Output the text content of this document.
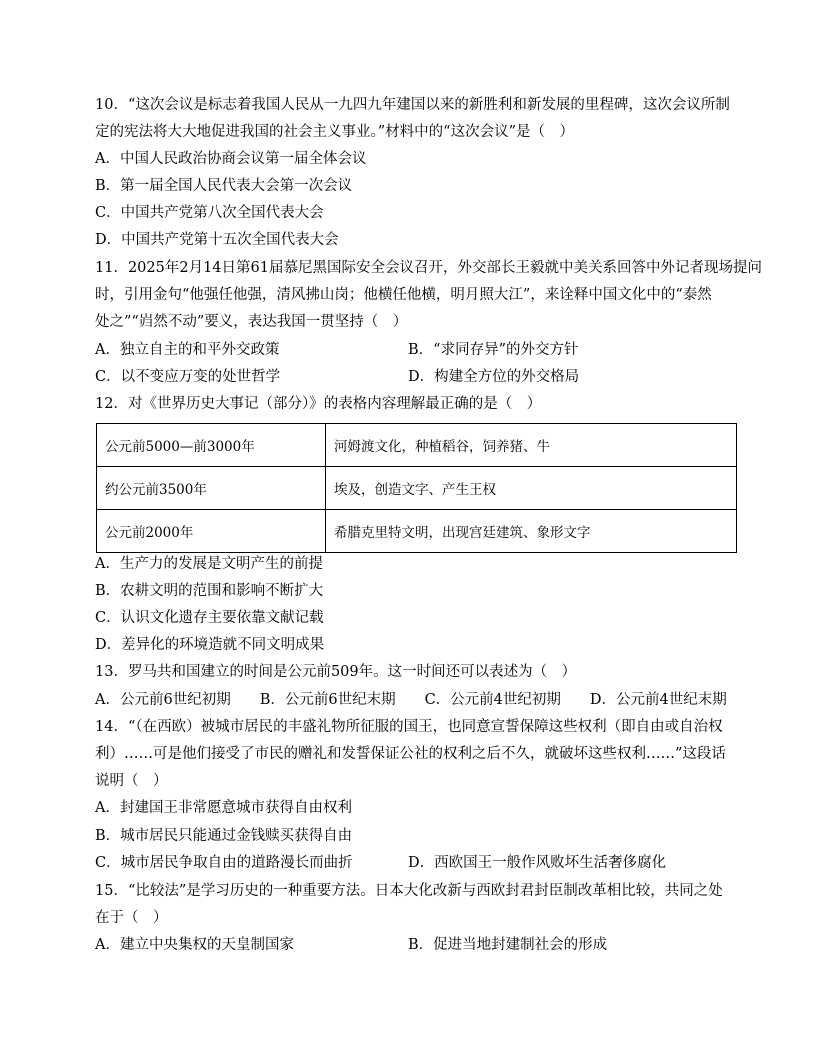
10．“这次会议是标志着我国人民从一九四九年建国以来的新胜利和新发展的里程碑，这次会议所制
定的宪法将大大地促进我国的社会主义事业。”材料中的“这次会议”是（　）
A．中国人民政治协商会议第一届全体会议
B．第一届全国人民代表大会第一次会议
C．中国共产党第八次全国代表大会
D．中国共产党第十五次全国代表大会
11．2025年2月14日第61届慕尼黑国际安全会议召开，外交部长王毅就中美关系回答中外记者现场提问
时，引用金句“他强任他强，清风拂山岗；他横任他横，明月照大江”，来诠释中国文化中的“泰然
处之”“岿然不动”要义，表达我国一贯坚持（　）
A．独立自主的和平外交政策	B．“求同存异”的外交方针
C．以不变应万变的处世哲学	D．构建全方位的外交格局
12．对《世界历史大事记（部分）》的表格内容理解最正确的是（　）
公元前5000—前3000年	河姆渡文化，种植稻谷，饲养猪、牛
约公元前3500年	埃及，创造文字、产生王权
公元前2000年	希腊克里特文明，出现宫廷建筑、象形文字
A．生产力的发展是文明产生的前提
B．农耕文明的范围和影响不断扩大
C．认识文化遗存主要依靠文献记载
D．差异化的环境造就不同文明成果
13．罗马共和国建立的时间是公元前509年。这一时间还可以表述为（　）
A．公元前6世纪初期　　B．公元前6世纪末期　　C．公元前4世纪初期　　D．公元前4世纪末期
14．“（在西欧）被城市居民的丰盛礼物所征服的国王，也同意宣誓保障这些权利（即自由或自治权
利）……可是他们接受了市民的赠礼和发誓保证公社的权利之后不久，就破坏这些权利……”这段话
说明（　）
A．封建国王非常愿意城市获得自由权利
B．城市居民只能通过金钱赎买获得自由
C．城市居民争取自由的道路漫长而曲折	D．西欧国王一般作风败坏生活奢侈腐化
15．“比较法”是学习历史的一种重要方法。日本大化改新与西欧封君封臣制改革相比较，共同之处
在于（　）
A．建立中央集权的天皇制国家	B．促进当地封建制社会的形成
